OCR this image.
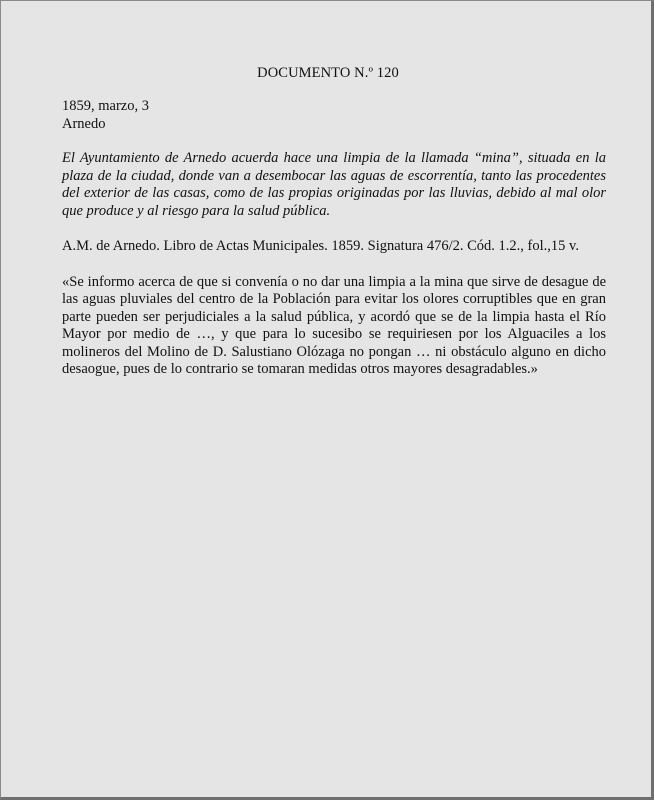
DOCUMENTO N.º 120

1859, marzo, 3
Arnedo

El Ayuntamiento de Arnedo acuerda hace una limpia de la llamada “mina”, situada en la plaza de la ciudad, donde van a desembocar las aguas de escorrentía, tanto las procedentes del exterior de las casas, como de las propias originadas por las lluvias, debido al mal olor que produce y al riesgo para la salud pública.

A.M. de Arnedo. Libro de Actas Municipales. 1859. Signatura 476/2. Cód. 1.2., fol.,15 v.

«Se informo acerca de que si convenía o no dar una limpia a la mina que sirve de desague de las aguas pluviales del centro de la Población para evitar los olores corruptibles que en gran parte pueden ser perjudiciales a la salud pública, y acordó que se de la limpia hasta el Río Mayor por medio de …, y que para lo sucesibo se requiriesen por los Alguaciles a los molineros del Molino de D. Salustiano Olózaga no pongan … ni obstáculo alguno en dicho desaogue, pues de lo contrario se tomaran medidas otros mayores desagradables.»
